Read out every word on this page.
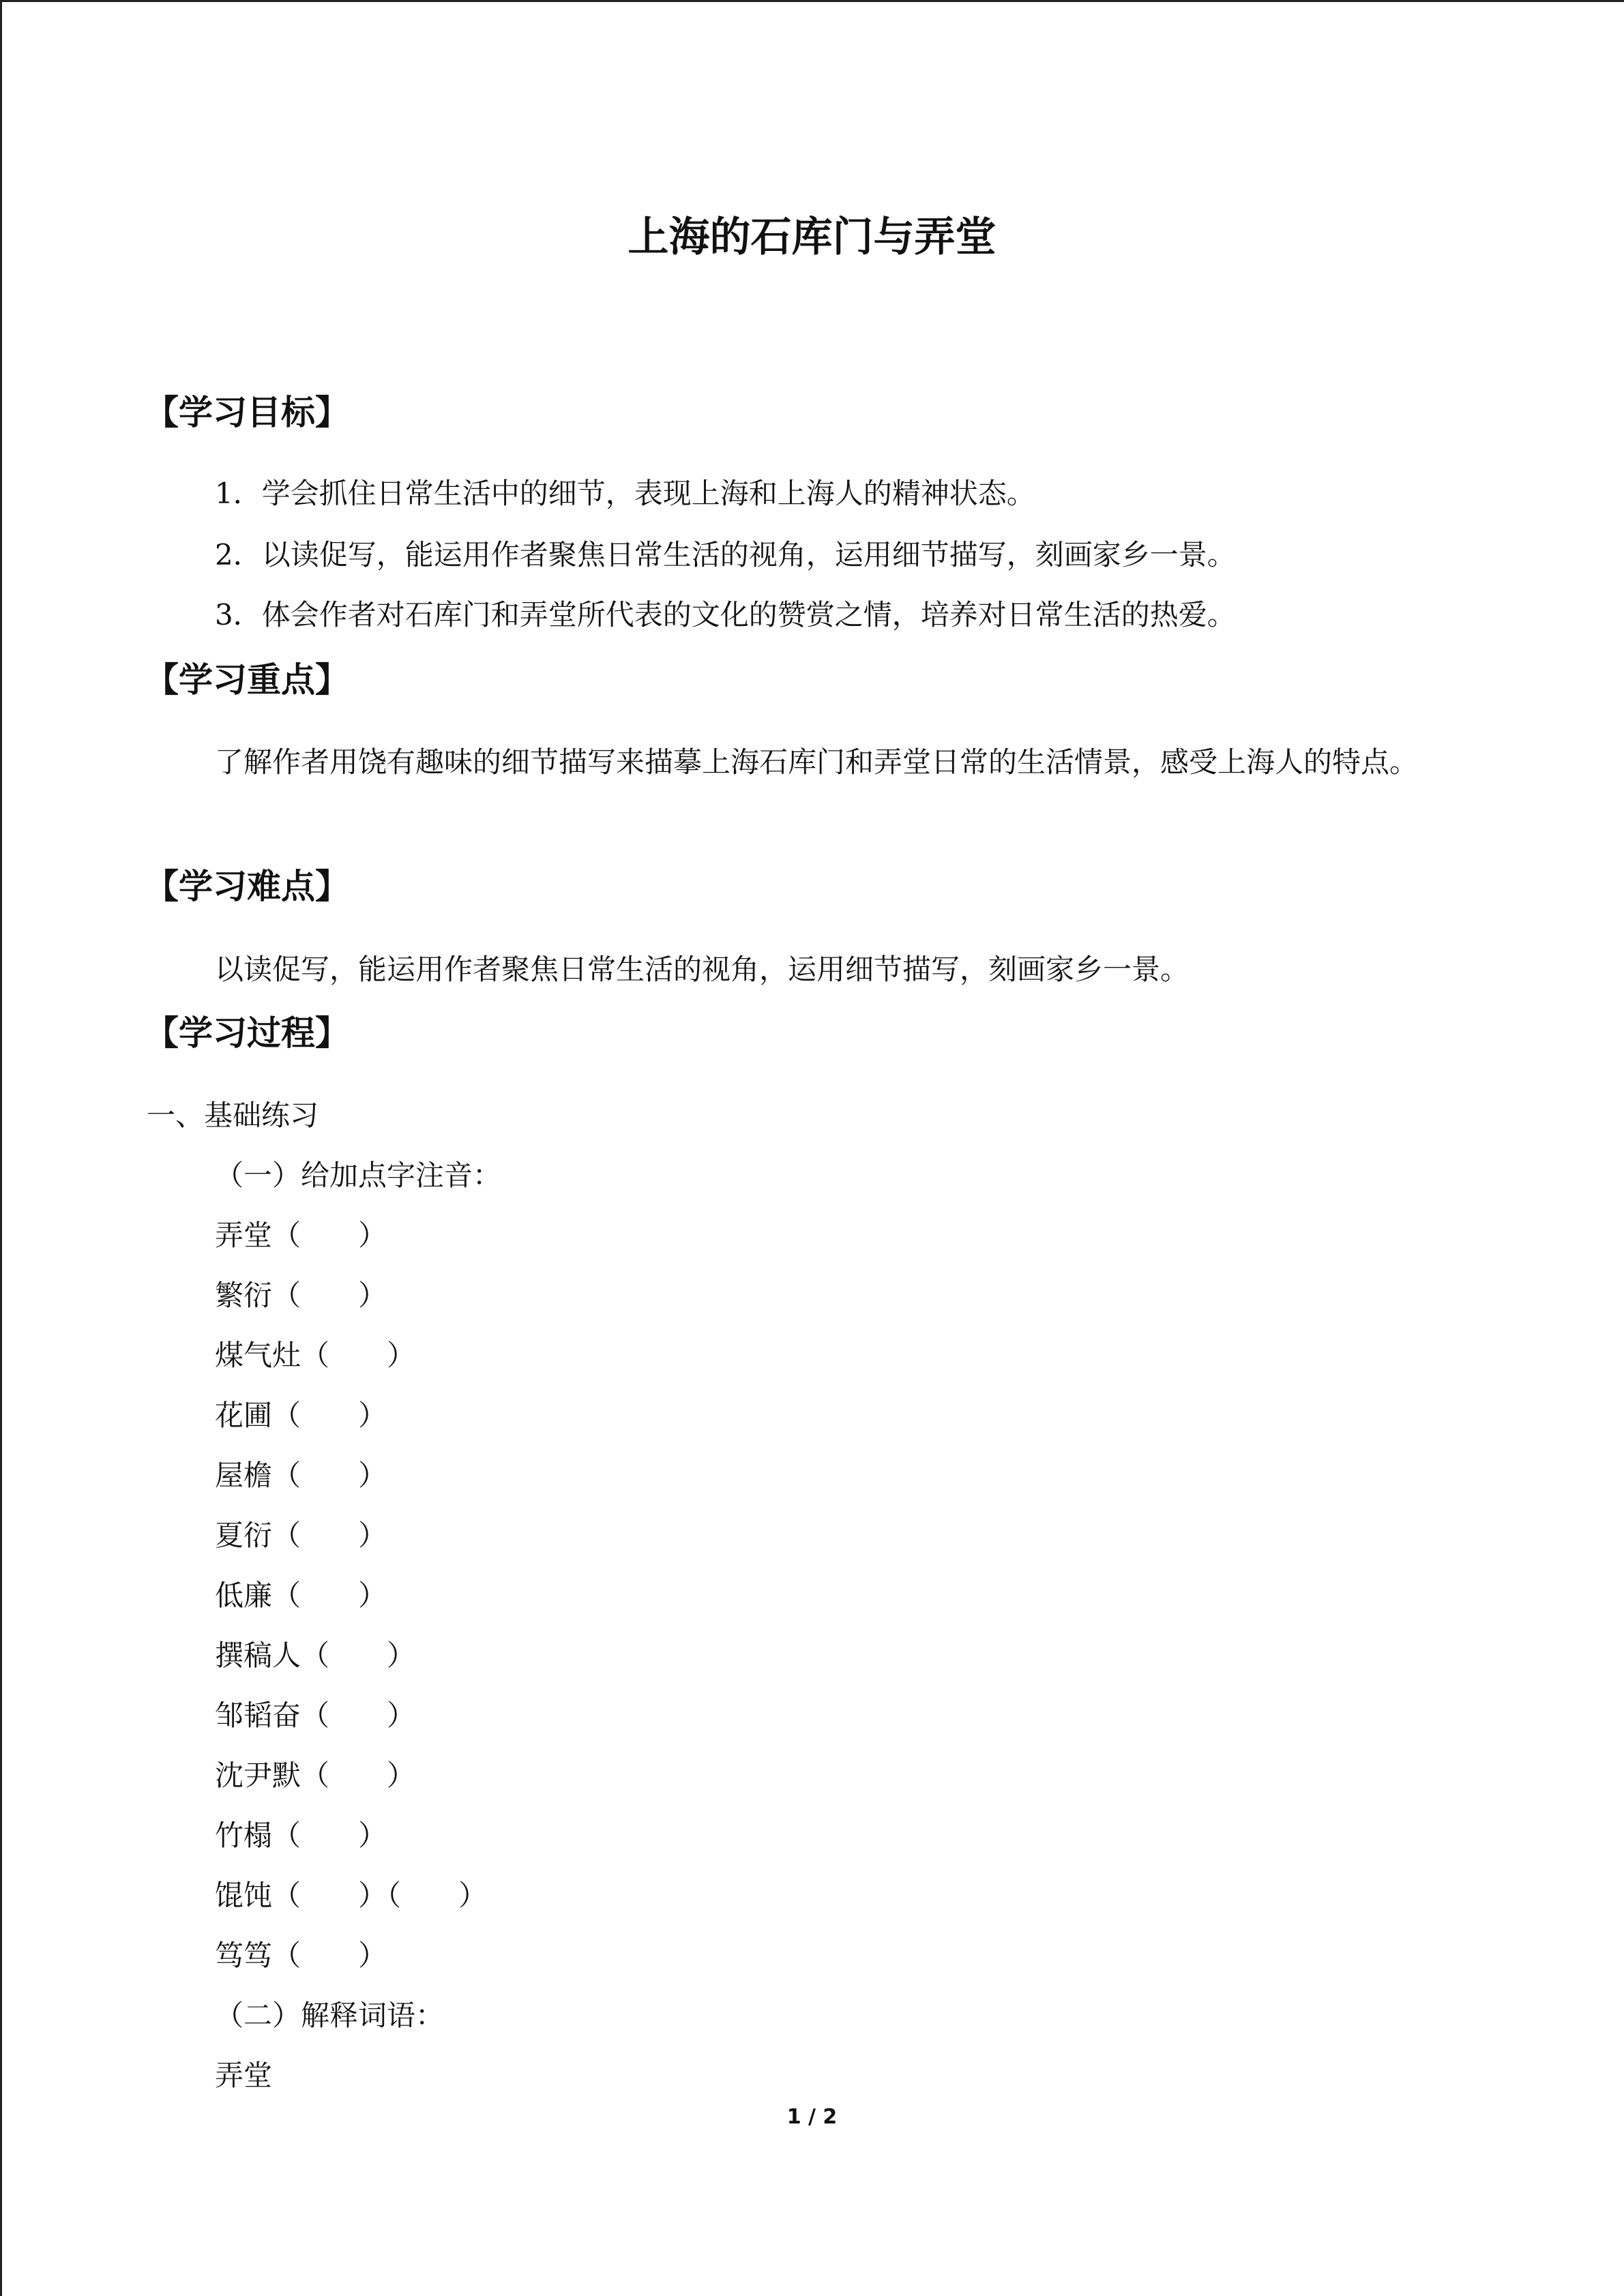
上海的石库门与弄堂
【学习目标】
1．学会抓住日常生活中的细节，表现上海和上海人的精神状态。
2．以读促写，能运用作者聚焦日常生活的视角，运用细节描写，刻画家乡一景。
3．体会作者对石库门和弄堂所代表的文化的赞赏之情，培养对日常生活的热爱。
【学习重点】
了解作者用饶有趣味的细节描写来描摹上海石库门和弄堂日常的生活情景，感受上海人的特点。
【学习难点】
以读促写，能运用作者聚焦日常生活的视角，运用细节描写，刻画家乡一景。
【学习过程】
一、基础练习
（一）给加点字注音：
弄堂（　　）
繁衍（　　）
煤气灶（　　）
花圃（　　）
屋檐（　　）
夏衍（　　）
低廉（　　）
撰稿人（　　）
邹韬奋（　　）
沈尹默（　　）
竹榻（　　）
馄饨（　　）（　　）
笃笃（　　）
（二）解释词语：
弄堂
1 / 2
